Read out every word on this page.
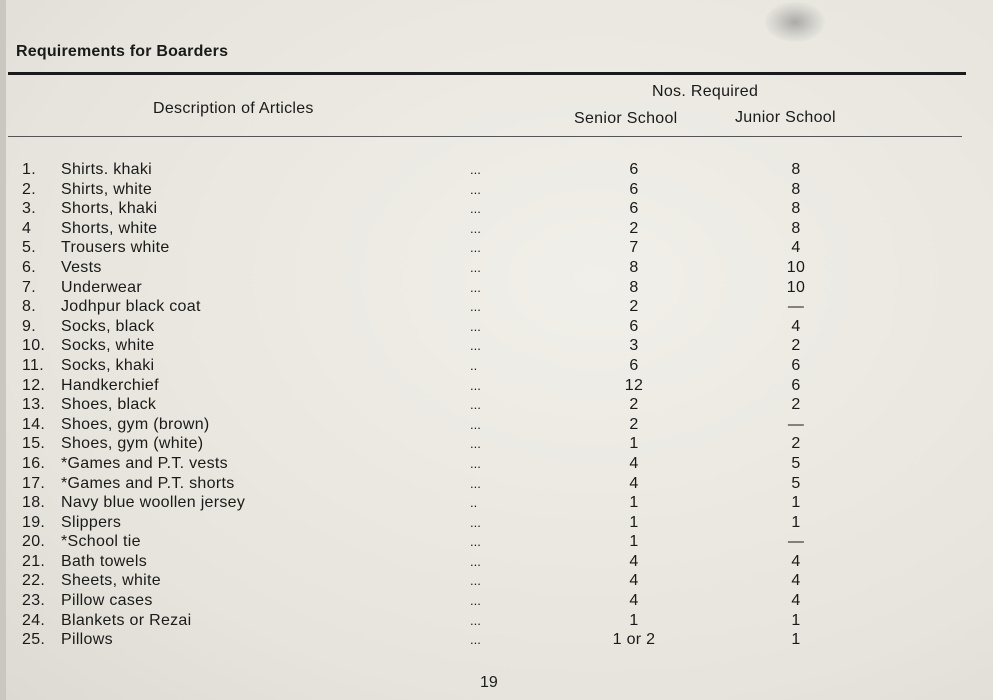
Requirements for Boarders
Description of Articles
Nos. Required
Senior School	Junior School
1.	Shirts. khaki	...	6	8
2.	Shirts, white	...	6	8
3.	Shorts, khaki	...	6	8
4	Shorts, white	...	2	8
5.	Trousers white	...	7	4
6.	Vests	...	8	10
7.	Underwear	...	8	10
8.	Jodhpur black coat	...	2	—
9.	Socks, black	...	6	4
10. Socks, white	...	3	2
11.	Socks, khaki	..	6	6
12. Handkerchief	...	12	6
13. Shoes, black	...	2	2
14. Shoes, gym (brown)	...	2	—
15. Shoes, gym (white)	...	1	2
16. *Games and P.T. vests	...	4	5
17. *Games and P.T. shorts	...	4	5
18. Navy blue woollen jersey	..	1	1
19. Slippers	...	1	1
20. *School tie	...	1	—
21. Bath towels	...	4	4
22. Sheets, white	...	4	4
23. Pillow cases	...	4	4
24. Blankets or Rezai	...	1	1
25. Pillows	...	1 or 2	1
19
